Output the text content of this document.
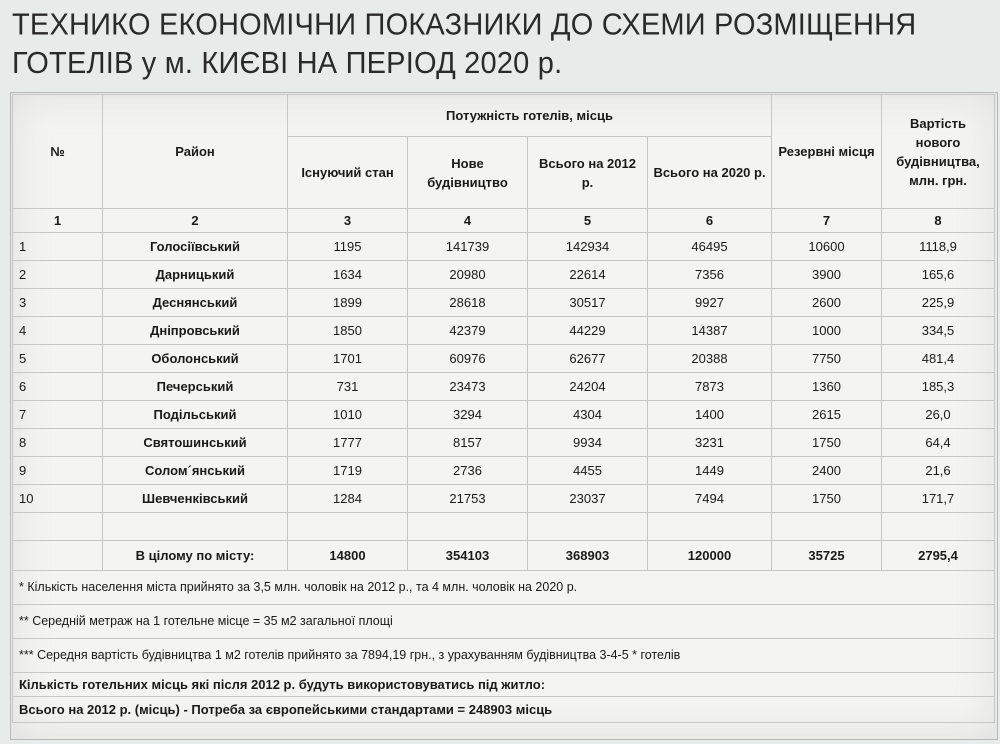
ТЕХНИКО ЕКОНОМІЧНИ ПОКАЗНИКИ ДО СХЕМИ РОЗМІЩЕННЯ
ГОТЕЛІВ у м. КИЄВІ НА ПЕРІОД 2020 р.
№	Район	Потужність готелів, місць				Резервні місця	Вартість нового будівництва, млн. грн.
		Існуючий стан	Нове будівництво	Всього на 2012 р.	Всього на 2020 р.		
1	2	3	4	5	6	7	8
1	Голосіївський	1195	141739	142934	46495	10600	1118,9
2	Дарницький	1634	20980	22614	7356	3900	165,6
3	Деснянський	1899	28618	30517	9927	2600	225,9
4	Дніпровський	1850	42379	44229	14387	1000	334,5
5	Оболонський	1701	60976	62677	20388	7750	481,4
6	Печерський	731	23473	24204	7873	1360	185,3
7	Подільський	1010	3294	4304	1400	2615	26,0
8	Святошинський	1777	8157	9934	3231	1750	64,4
9	Солом´янський	1719	2736	4455	1449	2400	21,6
10	Шевченківський	1284	21753	23037	7494	1750	171,7

	В цілому по місту:	14800	354103	368903	120000	35725	2795,4
* Кількість населення міста прийнято за 3,5 млн. чоловік на 2012 р., та 4 млн. чоловік на 2020 р.							
** Середній метраж на 1 готельне місце = 35 м2 загальної площі							
*** Середня вартість будівництва 1 м2 готелів прийнято за 7894,19 грн., з урахуванням будівництва 3-4-5 * готелів							
Кількість готельних місць які після 2012 р. будуть використовуватись під житло:							
Всього на 2012 р. (місць) - Потреба за європейськими стандартами = 248903 місць							
